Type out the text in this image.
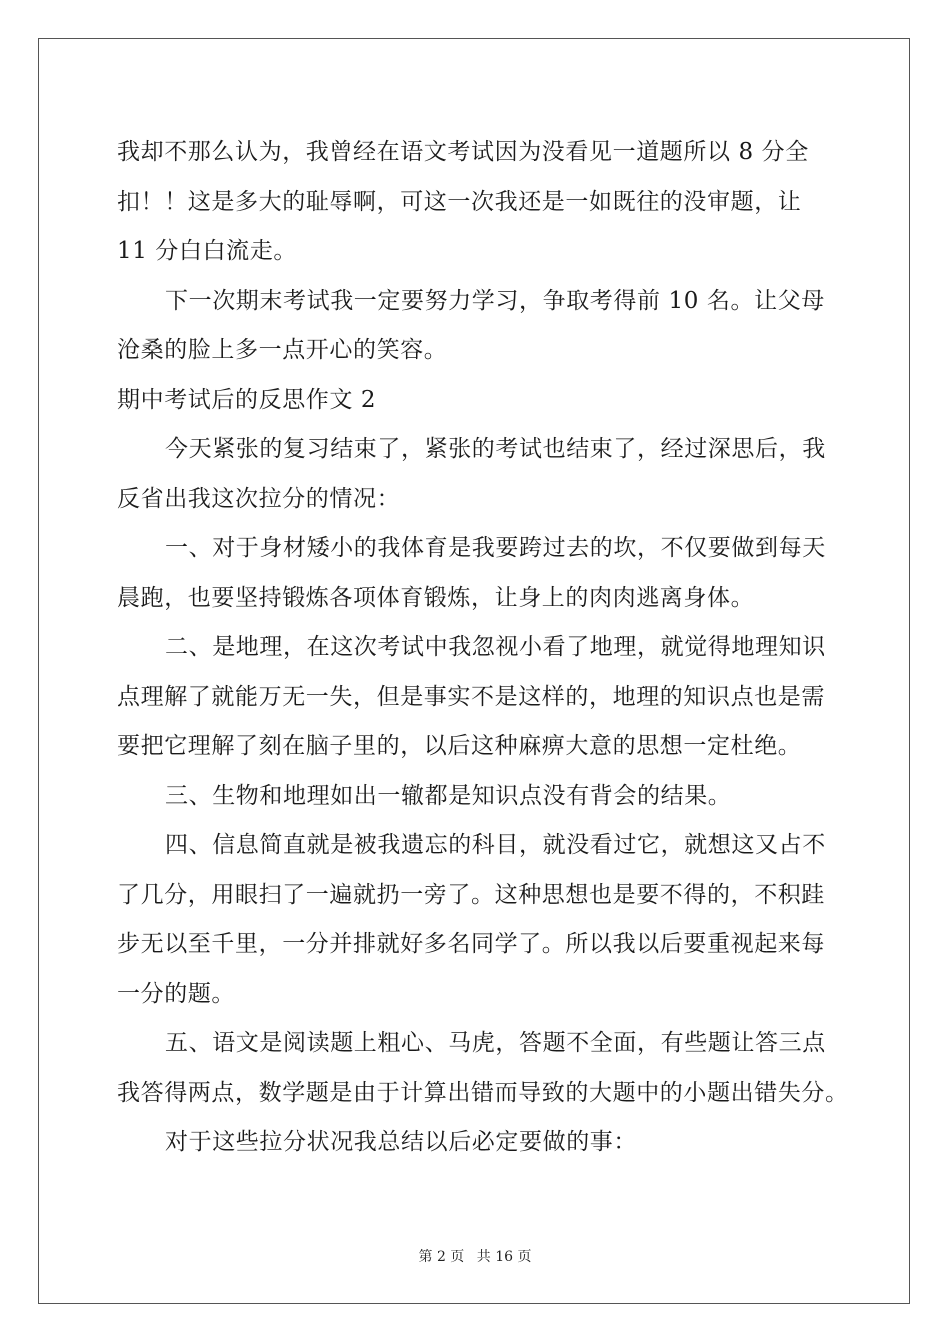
我却不那么认为，我曾经在语文考试因为没看见一道题所以 8 分全
扣！！这是多大的耻辱啊，可这一次我还是一如既往的没审题，让
11 分白白流走。
下一次期末考试我一定要努力学习，争取考得前 10 名。让父母
沧桑的脸上多一点开心的笑容。
期中考试后的反思作文 2
今天紧张的复习结束了，紧张的考试也结束了，经过深思后，我
反省出我这次拉分的情况：
一、对于身材矮小的我体育是我要跨过去的坎，不仅要做到每天
晨跑，也要坚持锻炼各项体育锻炼，让身上的肉肉逃离身体。
二、是地理，在这次考试中我忽视小看了地理，就觉得地理知识
点理解了就能万无一失，但是事实不是这样的，地理的知识点也是需
要把它理解了刻在脑子里的，以后这种麻痹大意的思想一定杜绝。
三、生物和地理如出一辙都是知识点没有背会的结果。
四、信息简直就是被我遗忘的科目，就没看过它，就想这又占不
了几分，用眼扫了一遍就扔一旁了。这种思想也是要不得的，不积跬
步无以至千里，一分并排就好多名同学了。所以我以后要重视起来每
一分的题。
五、语文是阅读题上粗心、马虎，答题不全面，有些题让答三点
我答得两点，数学题是由于计算出错而导致的大题中的小题出错失分。
对于这些拉分状况我总结以后必定要做的事：
第 2 页 共 16 页
